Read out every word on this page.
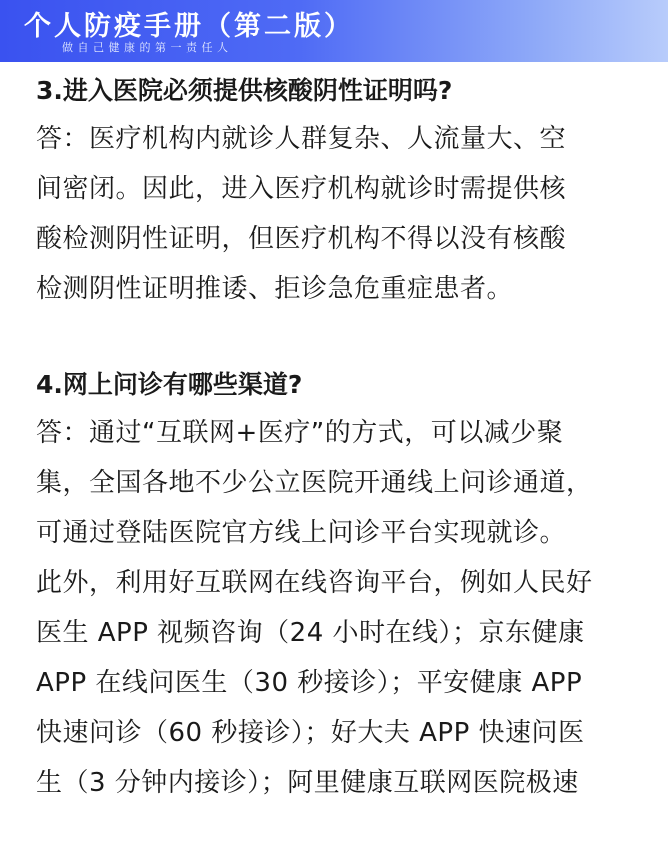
个人防疫手册（第二版）
做自己健康的第一责任人
3.进入医院必须提供核酸阴性证明吗?
答：医疗机构内就诊人群复杂、人流量大、空
间密闭。因此，进入医疗机构就诊时需提供核
酸检测阴性证明，但医疗机构不得以没有核酸
检测阴性证明推诿、拒诊急危重症患者。
4.网上问诊有哪些渠道?
答：通过“互联网+医疗”的方式，可以减少聚
集，全国各地不少公立医院开通线上问诊通道，
可通过登陆医院官方线上问诊平台实现就诊。
此外，利用好互联网在线咨询平台，例如人民好
医生 APP 视频咨询（24 小时在线）；京东健康
APP 在线问医生（30 秒接诊）；平安健康 APP
快速问诊（60 秒接诊）；好大夫 APP 快速问医
生（3 分钟内接诊）；阿里健康互联网医院极速
